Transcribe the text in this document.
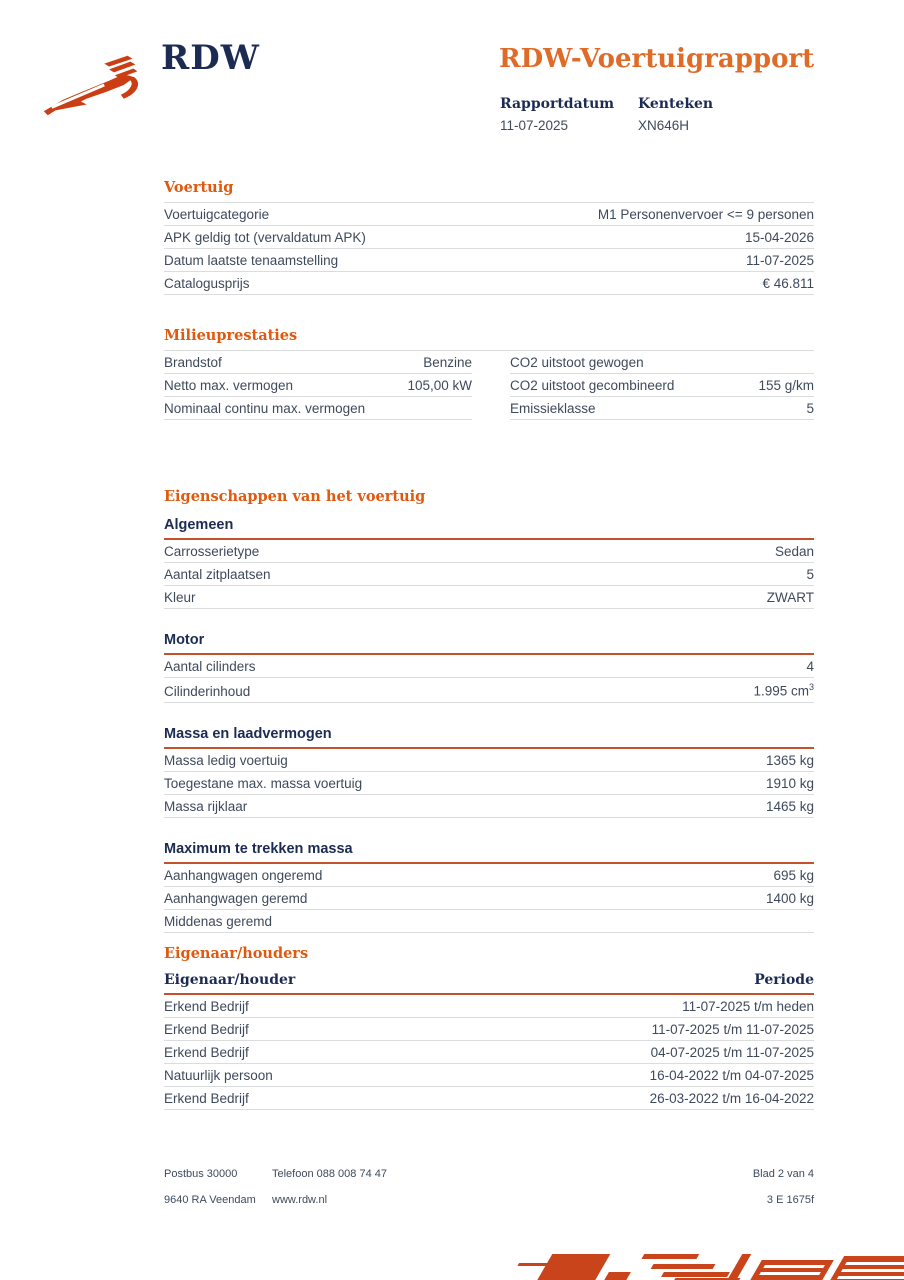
RDW	RDW-Voertuigrapport
Rapportdatum
11-07-2025
Kenteken
XN646H
Voertuig
Voertuigcategorie	M1 Personenvervoer <= 9 personen
APK geldig tot (vervaldatum APK)	15-04-2026
Datum laatste tenaamstelling	11-07-2025
Catalogusprijs	€ 46.811
Milieuprestaties
Brandstof	Benzine
Netto max. vermogen	105,00 kW
Nominaal continu max. vermogen
CO2 uitstoot gewogen
CO2 uitstoot gecombineerd	155 g/km
Emissieklasse	5
Eigenschappen van het voertuig
Algemeen
Carrosserietype	Sedan
Aantal zitplaatsen	5
Kleur	ZWART
Motor
Aantal cilinders	4
Cilinderinhoud	1.995 $cm^3$
Massa en laadvermogen
Massa ledig voertuig	1365 kg
Toegestane max. massa voertuig	1910 kg
Massa rijklaar	1465 kg
Maximum te trekken massa
Aanhangwagen ongeremd	695 kg
Aanhangwagen geremd	1400 kg
Middenas geremd
Eigenaar/houders
Eigenaar/houder	Periode
Erkend Bedrijf	11-07-2025 t/m heden
Erkend Bedrijf	11-07-2025 t/m 11-07-2025
Erkend Bedrijf	04-07-2025 t/m 11-07-2025
Natuurlijk persoon	16-04-2022 t/m 04-07-2025
Erkend Bedrijf	26-03-2022 t/m 16-04-2022
Postbus 30000
9640 RA Veendam
Telefoon 088 008 74 47
www.rdw.nl
Blad 2 van 4
3 E 1675f
